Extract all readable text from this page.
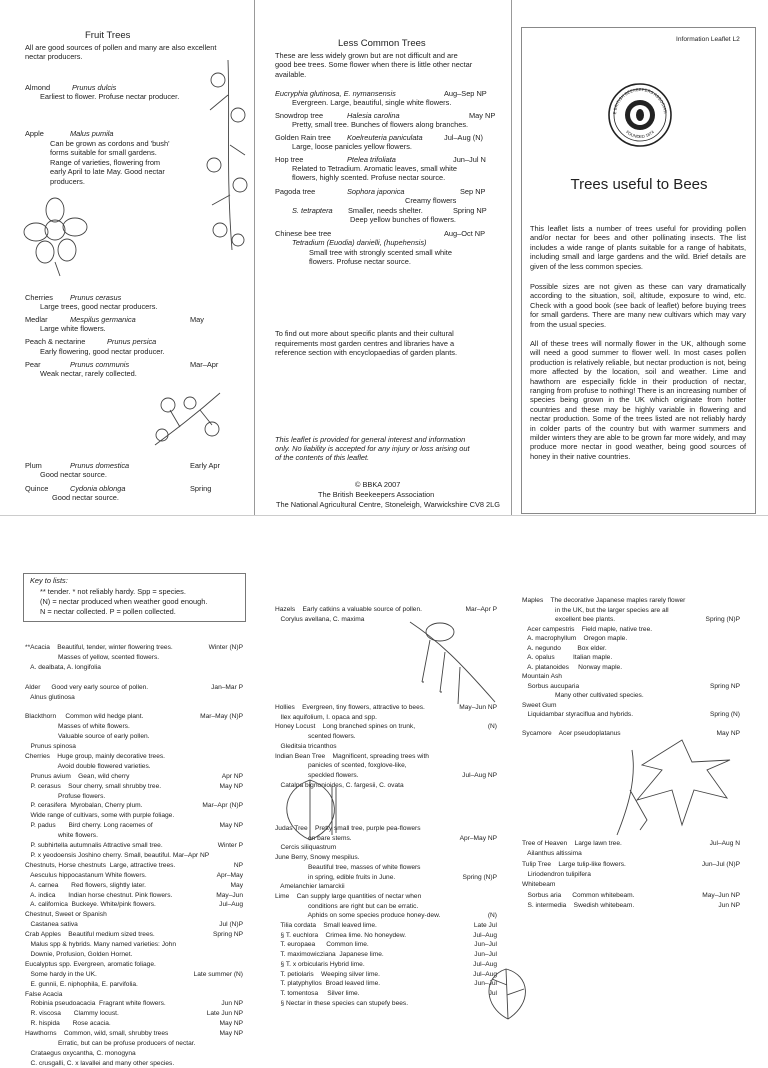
Fruit Trees
All are good sources of pollen and many are also excellent
nectar producers.
Almond	Prunus dulcis
Earliest to flower. Profuse nectar producer.
Apple	Malus pumila
Can be grown as cordons and 'bush'
forms suitable for small gardens.
Range of varieties, flowering from
early April to late May. Good nectar
producers.
Cherries Prunus cerasus
Large trees, good nectar producers.
Medlar	Mespilus germanica	May
Large white flowers.
Peach & nectarine	Prunus persica
Early flowering, good nectar producer.
Pear	Prunus communis	Mar–Apr
Weak nectar, rarely collected.
Plum	Prunus domestica	Early Apr
Good nectar source.
Quince	Cydonia oblonga	Spring
Good nectar source.
Less Common Trees
These are less widely grown but are not difficult and are
good bee trees. Some flower when there is little other nectar
available.
Eucryphia glutinosa, E. nymansensis	Aug–Sep NP
Evergreen. Large, beautiful, single white flowers.
Snowdrop tree	Halesia carolina	May NP
Pretty, small tree. Bunches of flowers along branches.
Golden Rain tree Koelreuteria paniculata	Jul–Aug (N)
Large, loose panicles yellow flowers.
Hop tree	Ptelea trifoliata	Jun–Jul N
Related to Tetradium. Aromatic leaves, small white
flowers, highly scented. Profuse nectar source.
Pagoda tree	Sophora japonica	Sep NP
Creamy flowers
S. tetraptera Smaller, needs shelter.	Spring NP
Deep yellow bunches of flowers.
Chinese bee tree	Aug–Oct NP
Tetradium (Euodia) danielli, (hupehensis)
Small tree with strongly scented small white
flowers. Profuse nectar source.
To find out more about specific plants and their cultural
requirements most garden centres and libraries have a
reference section with encyclopaedias of garden plants.
This leaflet is provided for general interest and information
only. No liability is accepted for any injury or loss arising out
of the contents of this leaflet.
© BBKA 2007
The British Beekeepers Association
The National Agricultural Centre, Stoneleigh, Warwickshire CV8 2LG
Information Leaflet L2
E BRITISH BEEKEEPERS ASSOCIATI
FOUNDED 1874
Trees useful to Bees
This leaflet lists a number of trees useful for providing pollen and/or nectar for bees and other pollinating insects. The list includes a wide range of plants suitable for a range of habitats, including small and large gardens and the wild. Brief details are given of the less common species.
Possible sizes are not given as these can vary dramatically according to the situation, soil, altitude, exposure to wind, etc. Check with a good book (see back of leaflet) before buying trees for small gardens. There are many new cultivars which may vary from the usual species.
All of these trees will normally flower in the UK, although some will need a good summer to flower well. In most cases pollen production is relatively reliable, but nectar production is not, being more affected by the location, soil and weather. Lime and hawthorn are especially fickle in their production of nectar, ranging from profuse to nothing! There is an increasing number of species being grown in the UK which originate from hotter countries and these may be highly variable in flowering and nectar production. Some of the trees listed are not reliably hardy in colder parts of the country but with warmer summers and milder winters they are able to be grown far more widely, and may produce more nectar in good weather, being good sources of honey in their native countries.
Key to lists:
** tender. * not reliably hardy. Spp = species.
(N) = nectar produced when weather good enough.
N = nectar collected. P = pollen collected.
**Acacia    Beautiful, tender, winter flowering trees.	Winter (N)P
Masses of yellow, scented flowers.
A. dealbata, A. longifolia
Alder      Good very early source of pollen.	Jan–Mar P
Alnus glutinosa
Blackthorn     Common wild hedge plant.	Mar–May (N)P
Masses of white flowers.
Valuable source of early pollen.
Prunus spinosa
Cherries    Huge group, mainly decorative trees.
Avoid double flowered varieties.
Prunus avium    Gean, wild cherry	Apr NP
P. cerasus    Sour cherry, small shrubby tree.	May NP
Profuse flowers.
P. cerasifera  Myrobalan, Cherry plum.	Mar–Apr (N)P
Wide range of cultivars, some with purple foliage.
P. padus       Bird cherry. Long racemes of	May NP
white flowers.
P. subhirtella autumnalis Attractive small tree.	Winter P
P. x yeodoensis Joshino cherry. Small, beautiful. Mar–Apr NP
Chestnuts, Horse chestnuts  Large, attractive trees.	NP
Aesculus hippocastanum White flowers.	Apr–May
A. carnea       Red flowers, slightly later.	May
A. indica       Indian horse chestnut. Pink flowers.	May–Jun
A. californica  Buckeye. White/pink flowers.	Jul–Aug
Chestnut, Sweet or Spanish
Castanea sativa	Jul (N)P
Crab Apples    Beautiful medium sized trees.	Spring NP
Malus spp & hybrids. Many named varieties: John
Downie, Profusion, Golden Hornet.
Eucalyptus spp. Evergreen, aromatic foliage.
Some hardy in the UK.	Late summer (N)
E. gunnii, E. niphophila, E. parvifolia.
False Acacia
Robinia pseudoacacia  Fragrant white flowers.	Jun NP
R. viscosa       Clammy locust.	Late Jun NP
R. hispida       Rose acacia.	May NP
Hawthorns    Common, wild, small, shrubby trees	May NP
Erratic, but can be profuse producers of nectar.
Crataegus oxycantha, C. monogyna
C. crusgalli, C. x lavallei and many other species.
Hazels    Early catkins a valuable source of pollen.	Mar–Apr P
Corylus avellana, C. maxima
Hollies    Evergreen, tiny flowers, attractive to bees.	May–Jun NP
Ilex aquifolium, I. opaca and spp.
Honey Locust    Long branched spines on trunk,	(N)
scented flowers.
Gleditsia tricanthos
Indian Bean Tree    Magnificent, spreading trees with
panicles of scented, foxglove-like,
speckled flowers.	Jul–Aug NP
Catalpa bignonioides, C. fargesii, C. ovata
Judas Tree    Pretty small tree, purple pea-flowers
on bare stems.	Apr–May NP
Cercis siliquastrum
June Berry, Snowy mespilus.
Beautiful tree, masses of white flowers
in spring, edible fruits in June.	Spring (N)P
Amelanchier lamarckii
Lime    Can supply large quantities of nectar when
conditions are right but can be erratic.
Aphids on some species produce honey-dew.	(N)
Tilia cordata    Small leaved lime.	Late Jul
§ T. euchlora    Crimea lime. No honeydew.	Jul–Aug
T. europaea      Common lime.	Jun–Jul
T. maximowicziana  Japanese lime.	Jun–Jul
§ T. x orbicularis Hybrid lime.	Jul–Aug
T. petiolaris    Weeping silver lime.	Jul–Aug
T. platyphyllos  Broad leaved lime.	Jun–Jul
T. tomentosa     Silver lime.	Jul
§ Nectar in these species can stupefy bees.
Maples    The decorative Japanese maples rarely flower
in the UK, but the larger species are all
excellent bee plants.	Spring (N)P
Acer campestris    Field maple, native tree.
A. macrophyllum    Oregon maple.
A. negundo         Box elder.
A. opalus          Italian maple.
A. platanoides     Norway maple.
Mountain Ash
Sorbus aucuparia	Spring NP
Many other cultivated species.
Sweet Gum
Liquidambar styraciflua and hybrids.	Spring (N)
Sycamore    Acer pseudoplatanus	May NP
Tree of Heaven    Large lawn tree.	Jul–Aug N
Ailanthus altissima
Tulip Tree    Large tulip-like flowers.	Jun–Jul (N)P
Liriodendron tulipifera
Whitebeam
Sorbus aria      Common whitebeam.	May–Jun NP
S. intermedia    Swedish whitebeam.	Jun NP
